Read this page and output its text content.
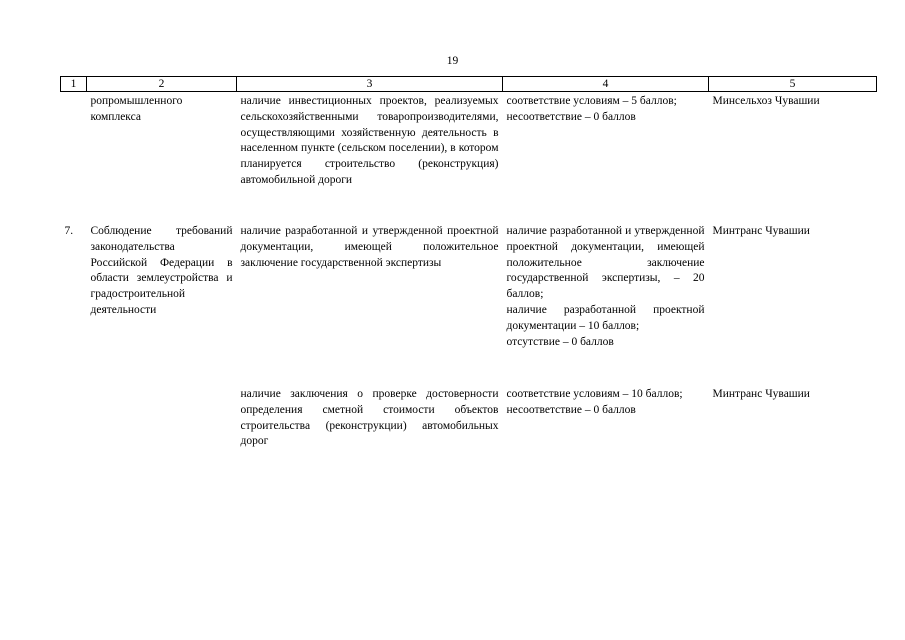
19
1	2	3	4	5
	ропромышленного комплекса	наличие инвестиционных проектов, реализуемых сельскохозяйственными товаропроизводителями, осуществляющими хозяйственную деятельность в населенном пункте (сельском поселении), в котором планируется строительство (реконструкция) автомобильной дороги	соответствие условиям – 5 баллов;
несоответствие – 0 баллов	Минсельхоз Чувашии
7.	Соблюдение требований законодательства Российской Федерации в области землеустройства и градостроительной деятельности	наличие разработанной и утвержденной проектной документации, имеющей положительное заключение государственной экспертизы	наличие разработанной и утвержденной проектной документации, имеющей положительное заключение государственной экспертизы, – 20 баллов;
наличие разработанной проектной документации – 10 баллов;
отсутствие – 0 баллов	Минтранс Чувашии
		наличие заключения о проверке достоверности определения сметной стоимости объектов строительства (реконструкции) автомобильных дорог	соответствие условиям – 10 баллов;
несоответствие – 0 баллов	Минтранс Чувашии
